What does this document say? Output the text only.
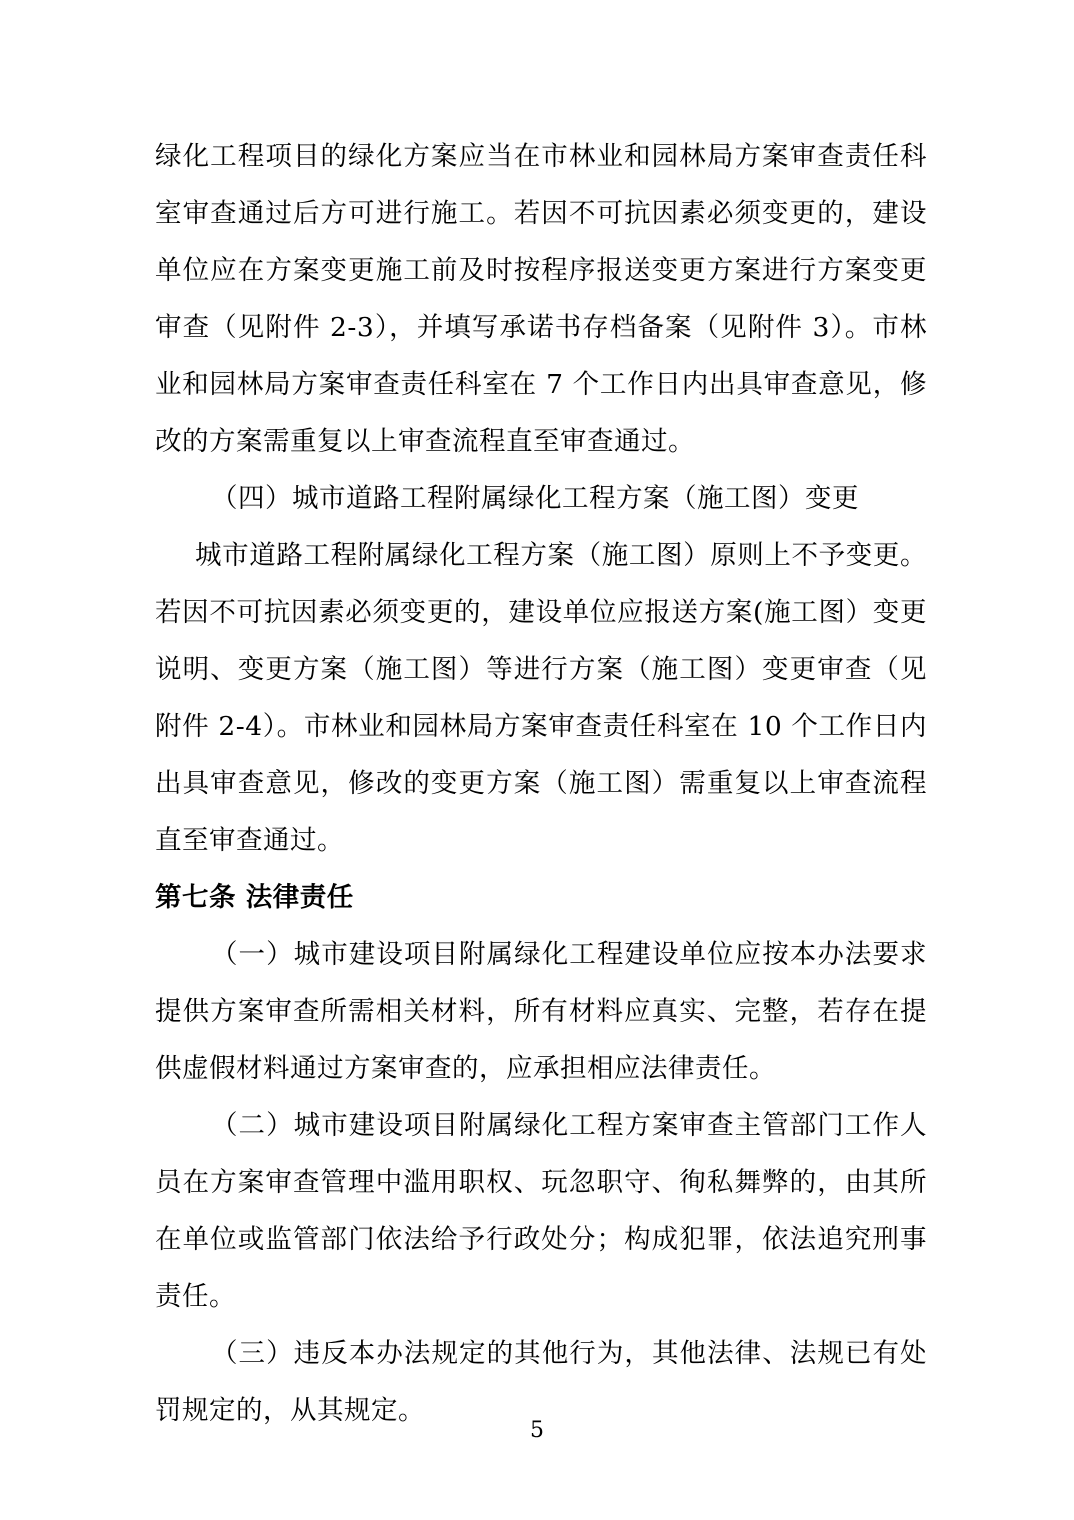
绿化工程项目的绿化方案应当在市林业和园林局方案审查责任科室审查通过后方可进行施工。若因不可抗因素必须变更的，建设单位应在方案变更施工前及时按程序报送变更方案进行方案变更审查（见附件 2-3），并填写承诺书存档备案（见附件 3）。市林业和园林局方案审查责任科室在 7 个工作日内出具审查意见，修改的方案需重复以上审查流程直至审查通过。

（四）城市道路工程附属绿化工程方案（施工图）变更

城市道路工程附属绿化工程方案（施工图）原则上不予变更。若因不可抗因素必须变更的，建设单位应报送方案(施工图）变更说明、变更方案（施工图）等进行方案（施工图）变更审查（见附件 2-4）。市林业和园林局方案审查责任科室在 10 个工作日内出具审查意见，修改的变更方案（施工图）需重复以上审查流程直至审查通过。

第七条 法律责任

（一）城市建设项目附属绿化工程建设单位应按本办法要求提供方案审查所需相关材料，所有材料应真实、完整，若存在提供虚假材料通过方案审查的，应承担相应法律责任。

（二）城市建设项目附属绿化工程方案审查主管部门工作人员在方案审查管理中滥用职权、玩忽职守、徇私舞弊的，由其所在单位或监管部门依法给予行政处分；构成犯罪，依法追究刑事责任。

（三）违反本办法规定的其他行为，其他法律、法规已有处罚规定的，从其规定。

5
